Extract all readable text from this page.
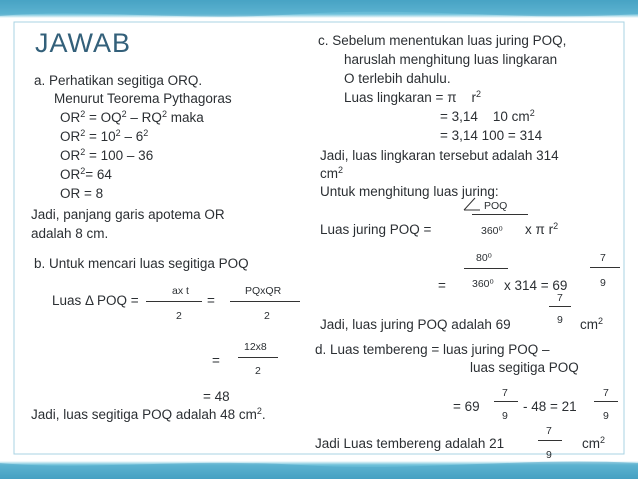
JAWAB
a. Perhatikan segitiga ORQ.
Menurut Teorema Pythagoras
$OR^2 = OQ^2 - RQ^2$ maka
$OR^2 = 10^2 - 6^2$
$OR^2 = 100 - 36$
$OR^2= 64$
OR = 8
Jadi, panjang garis apotema OR
adalah 8 cm.
b. Untuk mencari luas segitiga POQ
Luas Δ POQ =
ax t
2
=
PQxQR
2
=
12x8
2
= 48
Jadi, luas segitiga POQ adalah 48 $cm^2$.
c. Sebelum menentukan luas juring POQ,
haruslah menghitung luas lingkaran
O terlebih dahulu.
Luas lingkaran = π    $r^2$
= 3,14    10 $cm^2$
= 3,14 100 = 314
Jadi, luas lingkaran tersebut adalah 314
$cm^2$
Untuk menghitung luas juring:
POQ
Luas juring POQ =	360⁰ x π $r^2$
7
9
80⁰
= 360⁰ x 314 = 69
7
9
Jadi, luas juring POQ adalah 69	$cm^2$
d. Luas tembereng = luas juring POQ –
luas segitiga POQ
7
= 69
9
- 48 = 21
7
9
7
Jadi Luas tembereng adalah 21
9
$cm^2$
